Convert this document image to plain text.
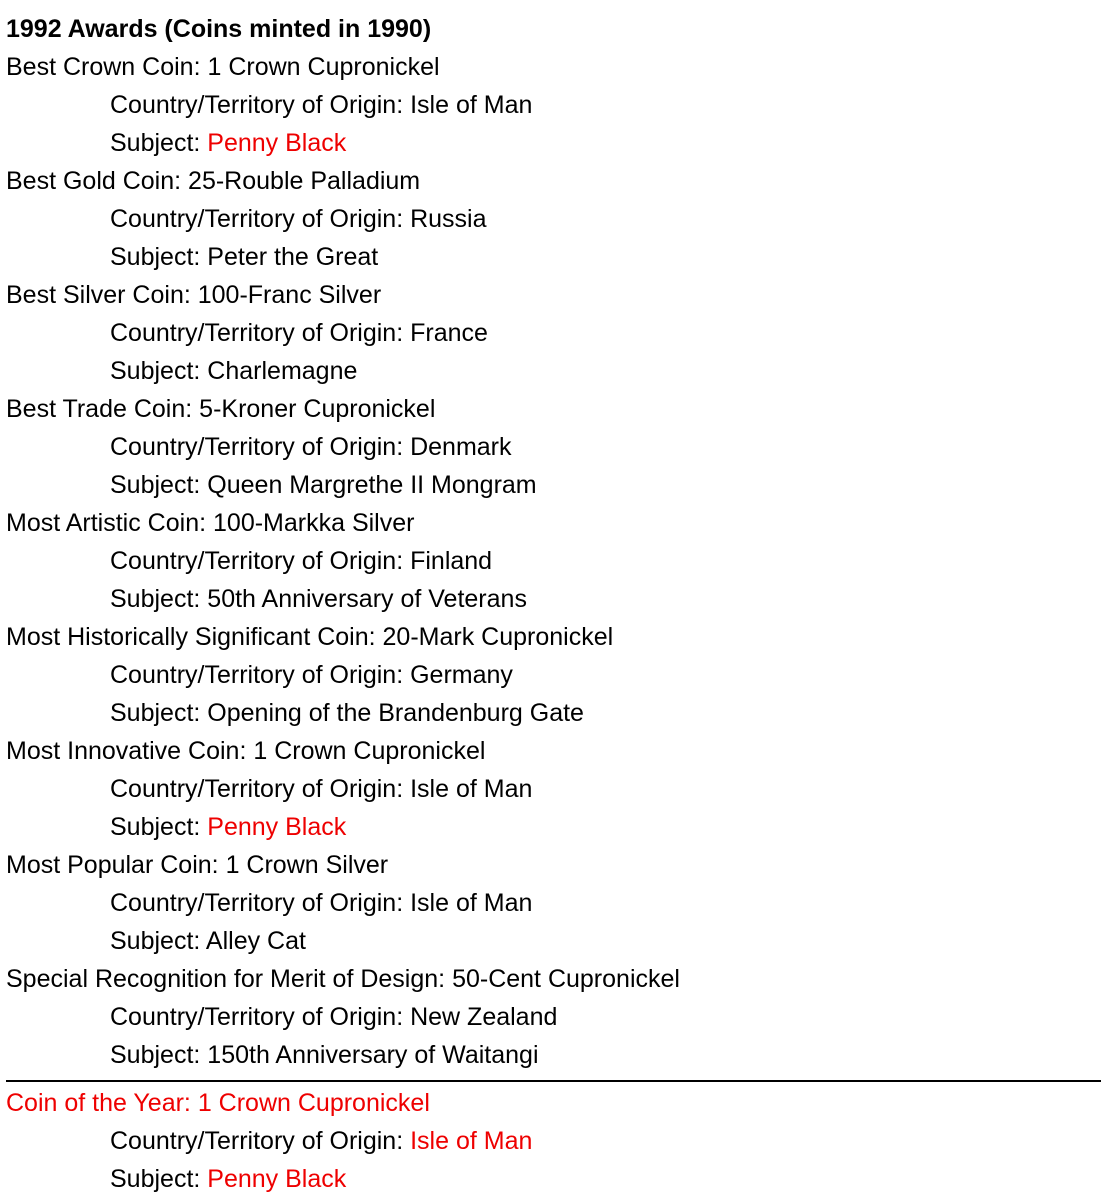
1992 Awards (Coins minted in 1990)
Best Crown Coin: 1 Crown Cupronickel
Country/Territory of Origin: Isle of Man
Subject: Penny Black
Best Gold Coin: 25-Rouble Palladium
Country/Territory of Origin: Russia
Subject: Peter the Great
Best Silver Coin: 100-Franc Silver
Country/Territory of Origin: France
Subject: Charlemagne
Best Trade Coin: 5-Kroner Cupronickel
Country/Territory of Origin: Denmark
Subject: Queen Margrethe II Mongram
Most Artistic Coin: 100-Markka Silver
Country/Territory of Origin: Finland
Subject: 50th Anniversary of Veterans
Most Historically Significant Coin: 20-Mark Cupronickel
Country/Territory of Origin: Germany
Subject: Opening of the Brandenburg Gate
Most Innovative Coin: 1 Crown Cupronickel
Country/Territory of Origin: Isle of Man
Subject: Penny Black
Most Popular Coin: 1 Crown Silver
Country/Territory of Origin: Isle of Man
Subject: Alley Cat
Special Recognition for Merit of Design: 50-Cent Cupronickel
Country/Territory of Origin: New Zealand
Subject: 150th Anniversary of Waitangi
Coin of the Year: 1 Crown Cupronickel
Country/Territory of Origin: Isle of Man
Subject: Penny Black
